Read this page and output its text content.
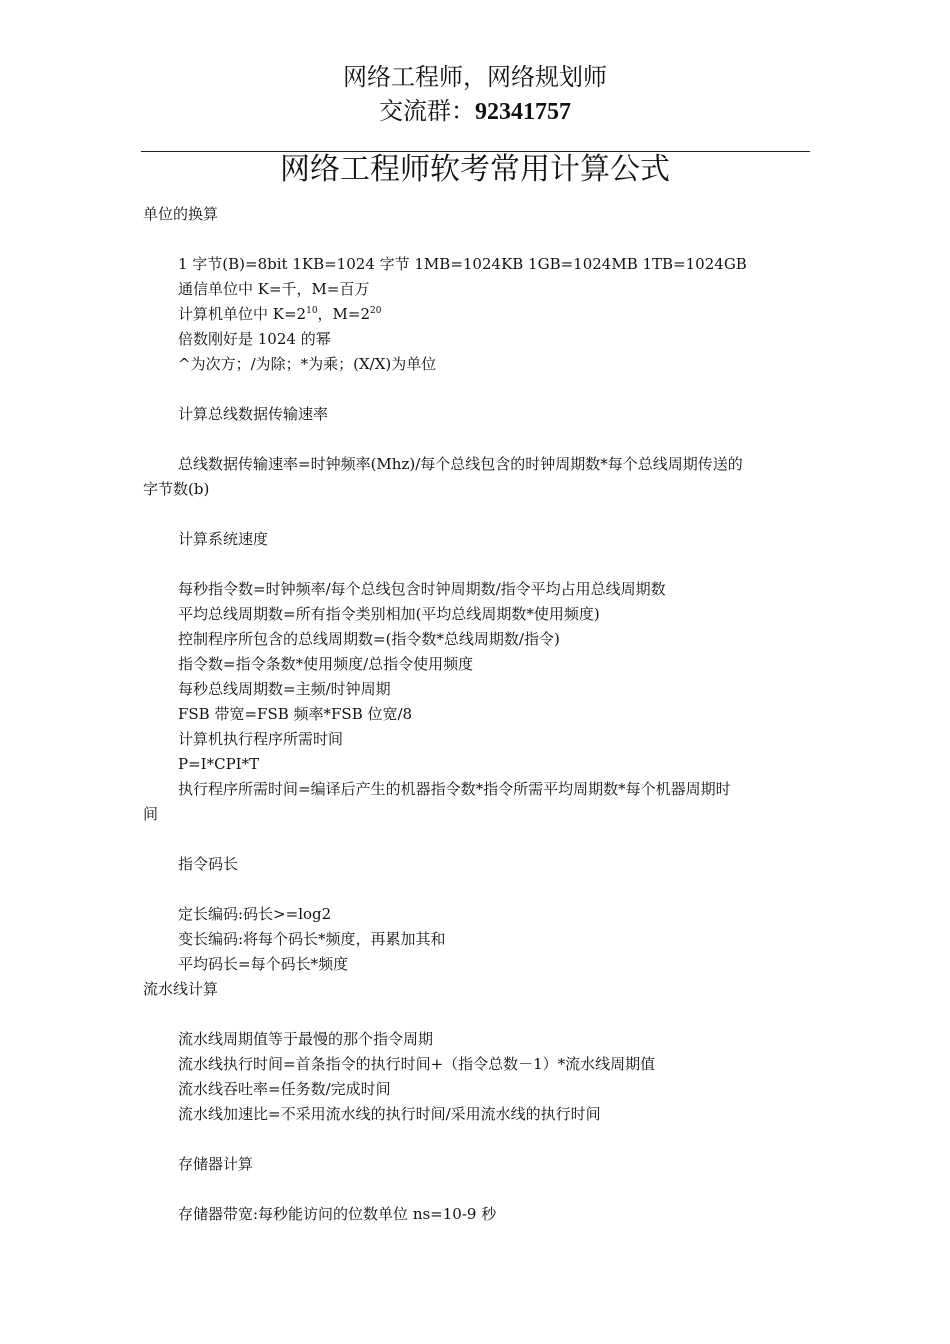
网络工程师，网络规划师
交流群：92341757
网络工程师软考常用计算公式
单位的换算
1 字节(B)=8bit 1KB=1024 字节 1MB=1024KB 1GB=1024MB 1TB=1024GB
通信单位中 K=千，M=百万
计算机单位中 $K=2^{10}$，$M=2^{20}$
倍数刚好是 1024 的幂
^为次方；/为除；*为乘；(X/X)为单位
计算总线数据传输速率
总线数据传输速率=时钟频率(Mhz)/每个总线包含的时钟周期数*每个总线周期传送的
字节数(b)
计算系统速度
每秒指令数=时钟频率/每个总线包含时钟周期数/指令平均占用总线周期数
平均总线周期数=所有指令类别相加(平均总线周期数*使用频度)
控制程序所包含的总线周期数=(指令数*总线周期数/指令)
指令数=指令条数*使用频度/总指令使用频度
每秒总线周期数=主频/时钟周期
FSB 带宽=FSB 频率*FSB 位宽/8
计算机执行程序所需时间
P=I*CPI*T
执行程序所需时间=编译后产生的机器指令数*指令所需平均周期数*每个机器周期时
间
指令码长
定长编码:码长>=log2
变长编码:将每个码长*频度，再累加其和
平均码长=每个码长*频度
流水线计算
流水线周期值等于最慢的那个指令周期
流水线执行时间=首条指令的执行时间+（指令总数－1）*流水线周期值
流水线吞吐率=任务数/完成时间
流水线加速比=不采用流水线的执行时间/采用流水线的执行时间
存储器计算
存储器带宽:每秒能访问的位数单位 ns=10-9 秒
